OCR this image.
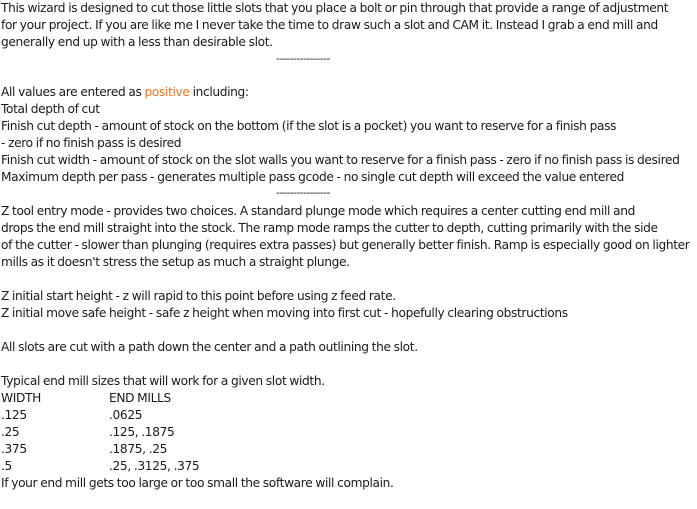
This wizard is designed to cut those little slots that you place a bolt or pin through that provide a range of adjustment

for your project. If you are like me I never take the time to draw such a slot and CAM it. Instead I grab a end mill and

generally end up with a less than desirable slot.

----------------

All values are entered as positive including:

Total depth of cut

Finish cut depth - amount of stock on the bottom (if the slot is a pocket) you want to reserve for a finish pass

- zero if no finish pass is desired

Finish cut width - amount of stock on the slot walls you want to reserve for a finish pass - zero if no finish pass is desired

Maximum depth per pass - generates multiple pass gcode - no single cut depth will exceed the value entered

----------------

Z tool entry mode - provides two choices. A standard plunge mode which requires a center cutting end mill and

drops the end mill straight into the stock. The ramp mode ramps the cutter to depth, cutting primarily with the side

of the cutter - slower than plunging (requires extra passes) but generally better finish. Ramp is especially good on lighter

mills as it doesn't stress the setup as much a straight plunge.

Z initial start height - z will rapid to this point before using z feed rate.

Z initial move safe height - safe z height when moving into first cut - hopefully clearing obstructions

All slots are cut with a path down the center and a path outlining the slot.

Typical end mill sizes that will work for a given slot width.

WIDTH	END MILLS
.125	.0625
.25	.125, .1875
.375	.1875, .25
.5	.25, .3125, .375

If your end mill gets too large or too small the software will complain.
